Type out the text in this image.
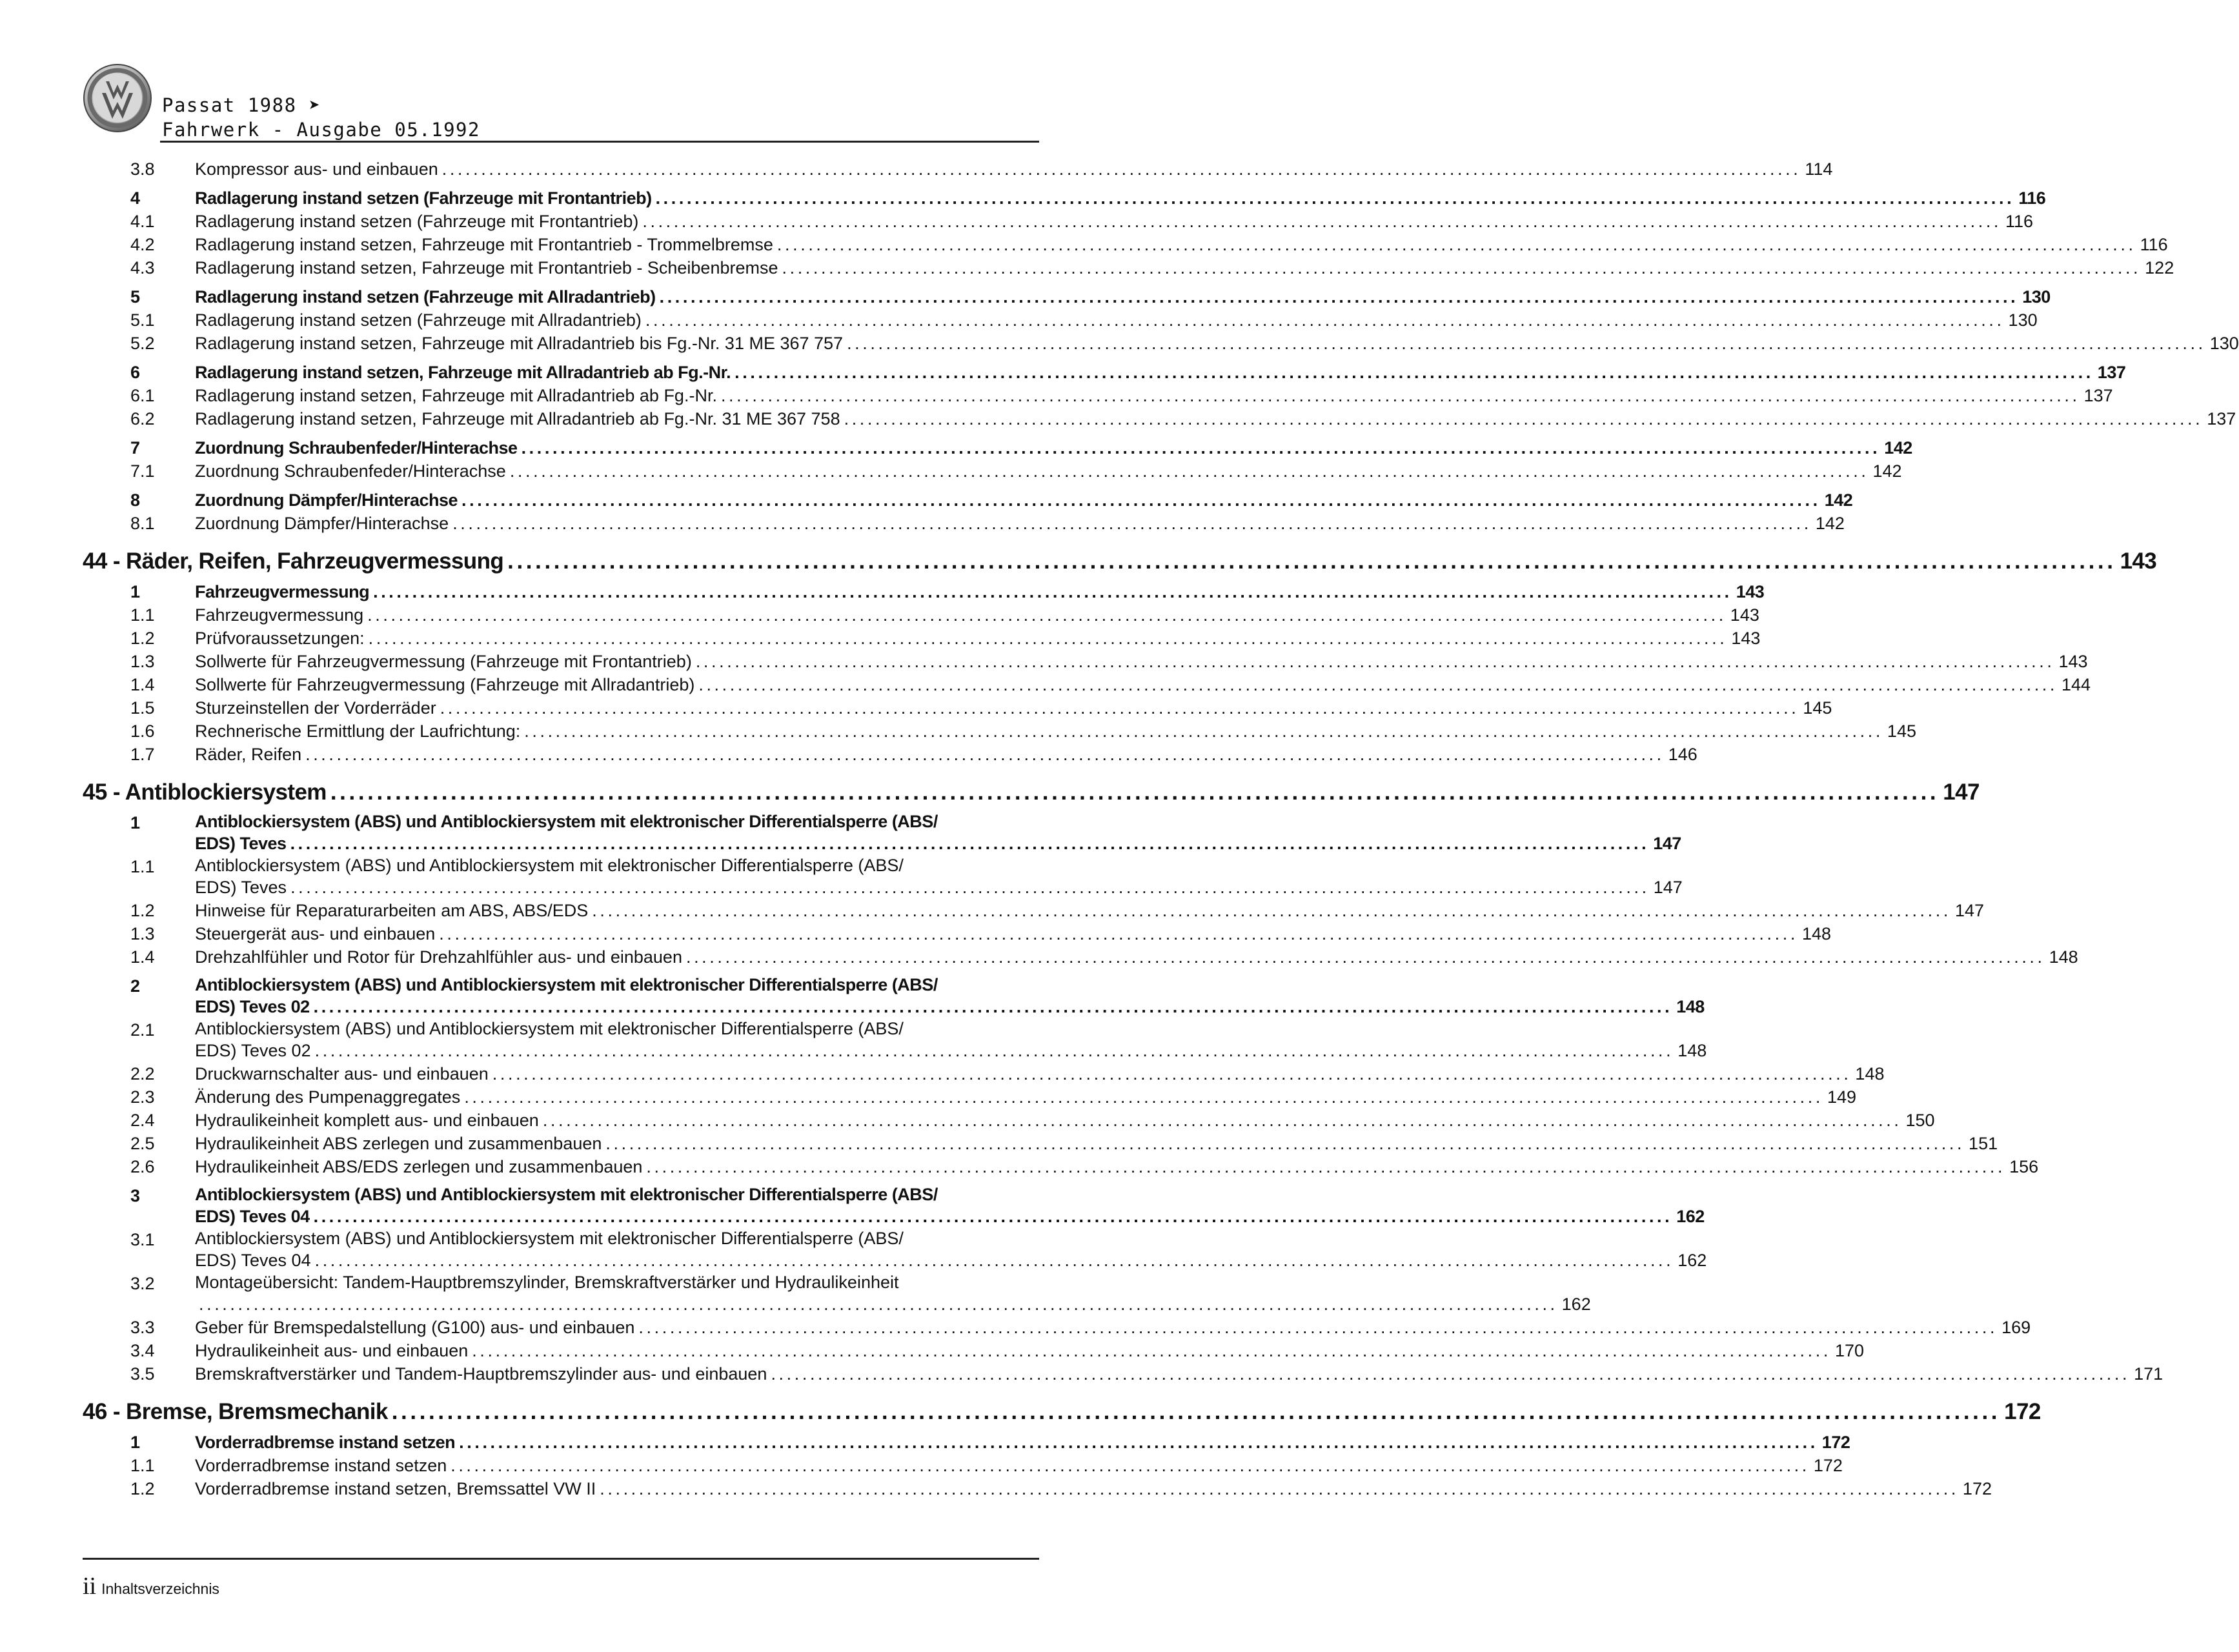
Passat 1988 ➤
Fahrwerk - Ausgabe 05.1992
3.8 Kompressor aus- und einbauen .............................................................................................................................................................................. 114
4	Radlagerung instand setzen (Fahrzeuge mit Frontantrieb) .............................................................................................................................................................................. 116
4.1 Radlagerung instand setzen (Fahrzeuge mit Frontantrieb) .............................................................................................................................................................................. 116
4.2 Radlagerung instand setzen, Fahrzeuge mit Frontantrieb - Trommelbremse .............................................................................................................................................................................. 116
4.3 Radlagerung instand setzen, Fahrzeuge mit Frontantrieb - Scheibenbremse .............................................................................................................................................................................. 122
5	Radlagerung instand setzen (Fahrzeuge mit Allradantrieb) .............................................................................................................................................................................. 130
5.1 Radlagerung instand setzen (Fahrzeuge mit Allradantrieb) .............................................................................................................................................................................. 130
5.2 Radlagerung instand setzen, Fahrzeuge mit Allradantrieb bis Fg.-Nr. 31 ME 367 757 .............................................................................................................................................................................. 130
6	Radlagerung instand setzen, Fahrzeuge mit Allradantrieb ab Fg.-Nr. .............................................................................................................................................................................. 137
6.1 Radlagerung instand setzen, Fahrzeuge mit Allradantrieb ab Fg.-Nr. .............................................................................................................................................................................. 137
6.2 Radlagerung instand setzen, Fahrzeuge mit Allradantrieb ab Fg.-Nr. 31 ME 367 758 .............................................................................................................................................................................. 137
7	Zuordnung Schraubenfeder/Hinterachse .............................................................................................................................................................................. 142
7.1 Zuordnung Schraubenfeder/Hinterachse .............................................................................................................................................................................. 142
8	Zuordnung Dämpfer/Hinterachse .............................................................................................................................................................................. 142
8.1 Zuordnung Dämpfer/Hinterachse .............................................................................................................................................................................. 142
44 - Räder, Reifen, Fahrzeugvermessung .............................................................................................................................................................................. 143
1	Fahrzeugvermessung .............................................................................................................................................................................. 143
1.1 Fahrzeugvermessung .............................................................................................................................................................................. 143
1.2 Prüfvoraussetzungen: .............................................................................................................................................................................. 143
1.3 Sollwerte für Fahrzeugvermessung (Fahrzeuge mit Frontantrieb) .............................................................................................................................................................................. 143
1.4 Sollwerte für Fahrzeugvermessung (Fahrzeuge mit Allradantrieb) .............................................................................................................................................................................. 144
1.5 Sturzeinstellen der Vorderräder .............................................................................................................................................................................. 145
1.6 Rechnerische Ermittlung der Laufrichtung: .............................................................................................................................................................................. 145
1.7 Räder, Reifen .............................................................................................................................................................................. 146
45 - Antiblockiersystem .............................................................................................................................................................................. 147
1	Antiblockiersystem (ABS) und Antiblockiersystem mit elektronischer Differentialsperre (ABS/
EDS) Teves .............................................................................................................................................................................. 147
1.1 Antiblockiersystem (ABS) und Antiblockiersystem mit elektronischer Differentialsperre (ABS/
EDS) Teves .............................................................................................................................................................................. 147
1.2 Hinweise für Reparaturarbeiten am ABS, ABS/EDS .............................................................................................................................................................................. 147
1.3 Steuergerät aus- und einbauen .............................................................................................................................................................................. 148
1.4 Drehzahlfühler und Rotor für Drehzahlfühler aus- und einbauen .............................................................................................................................................................................. 148
2	Antiblockiersystem (ABS) und Antiblockiersystem mit elektronischer Differentialsperre (ABS/
EDS) Teves 02 .............................................................................................................................................................................. 148
2.1 Antiblockiersystem (ABS) und Antiblockiersystem mit elektronischer Differentialsperre (ABS/
EDS) Teves 02 .............................................................................................................................................................................. 148
2.2 Druckwarnschalter aus- und einbauen .............................................................................................................................................................................. 148
2.3 Änderung des Pumpenaggregates .............................................................................................................................................................................. 149
2.4 Hydraulikeinheit komplett aus- und einbauen .............................................................................................................................................................................. 150
2.5 Hydraulikeinheit ABS zerlegen und zusammenbauen .............................................................................................................................................................................. 151
2.6 Hydraulikeinheit ABS/EDS zerlegen und zusammenbauen .............................................................................................................................................................................. 156
3	Antiblockiersystem (ABS) und Antiblockiersystem mit elektronischer Differentialsperre (ABS/
EDS) Teves 04 .............................................................................................................................................................................. 162
3.1 Antiblockiersystem (ABS) und Antiblockiersystem mit elektronischer Differentialsperre (ABS/
EDS) Teves 04 .............................................................................................................................................................................. 162
3.2 Montageübersicht: Tandem-Hauptbremszylinder, Bremskraftverstärker und Hydraulikeinheit
.............................................................................................................................................................................. 162
3.3 Geber für Bremspedalstellung (G100) aus- und einbauen .............................................................................................................................................................................. 169
3.4 Hydraulikeinheit aus- und einbauen .............................................................................................................................................................................. 170
3.5 Bremskraftverstärker und Tandem-Hauptbremszylinder aus- und einbauen .............................................................................................................................................................................. 171
46 - Bremse, Bremsmechanik .............................................................................................................................................................................. 172
1	Vorderradbremse instand setzen .............................................................................................................................................................................. 172
1.1 Vorderradbremse instand setzen .............................................................................................................................................................................. 172
1.2 Vorderradbremse instand setzen, Bremssattel VW II .............................................................................................................................................................................. 172
ii Inhaltsverzeichnis
